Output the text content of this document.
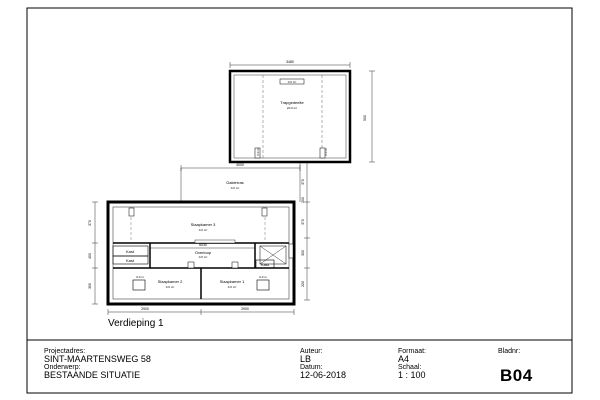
3480
500
0.0 m²
Trapgedeelte
20.0 m²
0.0 m	0.0 m
4000
Dakterras
0.0 m²
Slaapkamer 3
0.0 m²
6030
Kast
Kast
Overloop
0.0 m²
Kast
Slaapkamer 2
0.0 m²
Slaapkamer 1
0.0 m²
0.0 m	0.0 m
2900	2900
370
400
300
370
200
370
300
220
Verdieping 1
Projectadres:
SINT-MAARTENSWEG 58
Onderwerp:
BESTAANDE SITUATIE
Auteur:
LB
Datum:
12-06-2018
Formaat:
A4
Schaal:
1 : 100
Bladnr:
B04
